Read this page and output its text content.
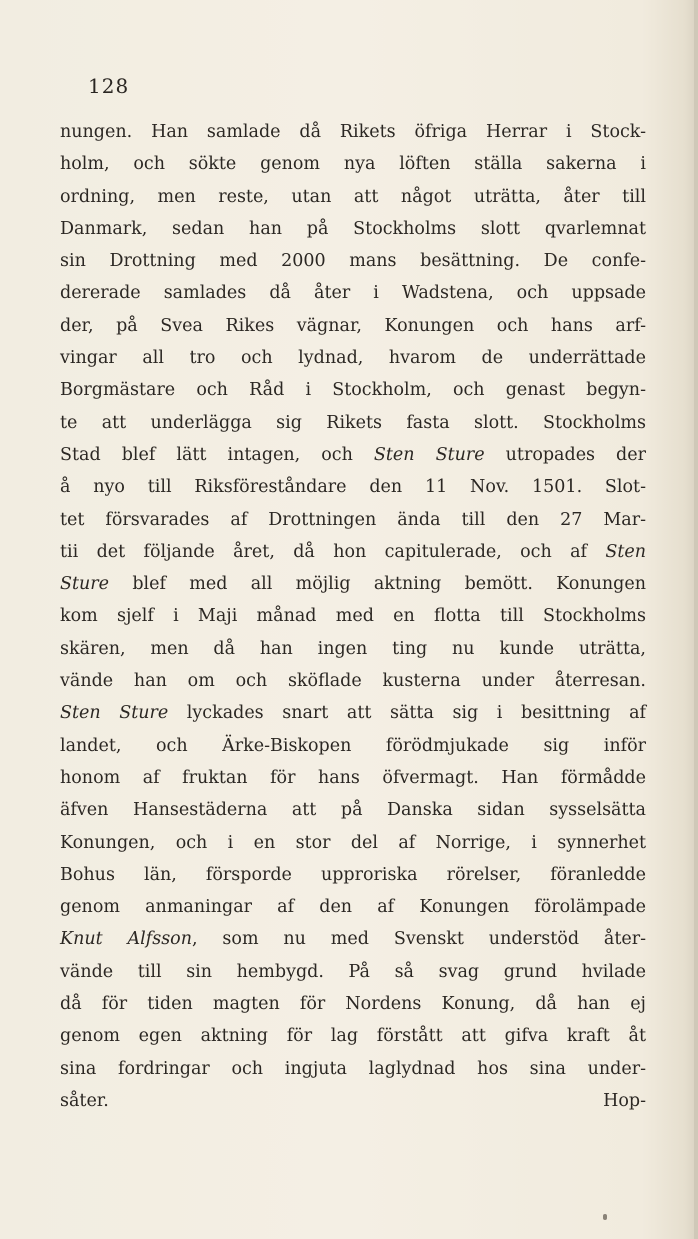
128
nungen. Han samlade då Rikets öfriga Herrar i Stock-
holm, och sökte genom nya löften ställa sakerna i
ordning, men reste, utan att något uträtta, åter till
Danmark, sedan han på Stockholms slott qvarlemnat
sin Drottning med 2000 mans besättning. De confe-
dererade samlades då åter i Wadstena, och uppsade
der, på Svea Rikes vägnar, Konungen och hans arf-
vingar all tro och lydnad, hvarom de underrättade
Borgmästare och Råd i Stockholm, och genast begyn-
te att underlägga sig Rikets fasta slott. Stockholms
Stad blef lätt intagen, och Sten Sture utropades der
å nyo till Riksföreståndare den 11 Nov. 1501. Slot-
tet försvarades af Drottningen ända till den 27 Mar-
tii det följande året, då hon capitulerade, och af Sten
Sture blef med all möjlig aktning bemött. Konungen
kom sjelf i Maji månad med en flotta till Stockholms
skären, men då han ingen ting nu kunde uträtta,
vände han om och sköflade kusterna under återresan.
Sten Sture lyckades snart att sätta sig i besittning af
landet, och Ärke-Biskopen förödmjukade sig inför
honom af fruktan för hans öfvermagt. Han förmådde
äfven Hansestäderna att på Danska sidan sysselsätta
Konungen, och i en stor del af Norrige, i synnerhet
Bohus län, försporde upproriska rörelser, föranledde
genom anmaningar af den af Konungen förolämpade
Knut Alfsson, som nu med Svenskt understöd åter-
vände till sin hembygd. På så svag grund hvilade
då för tiden magten för Nordens Konung, då han ej
genom egen aktning för lag förstått att gifva kraft åt
sina fordringar och ingjuta laglydnad hos sina under-
såter.	Hop-
